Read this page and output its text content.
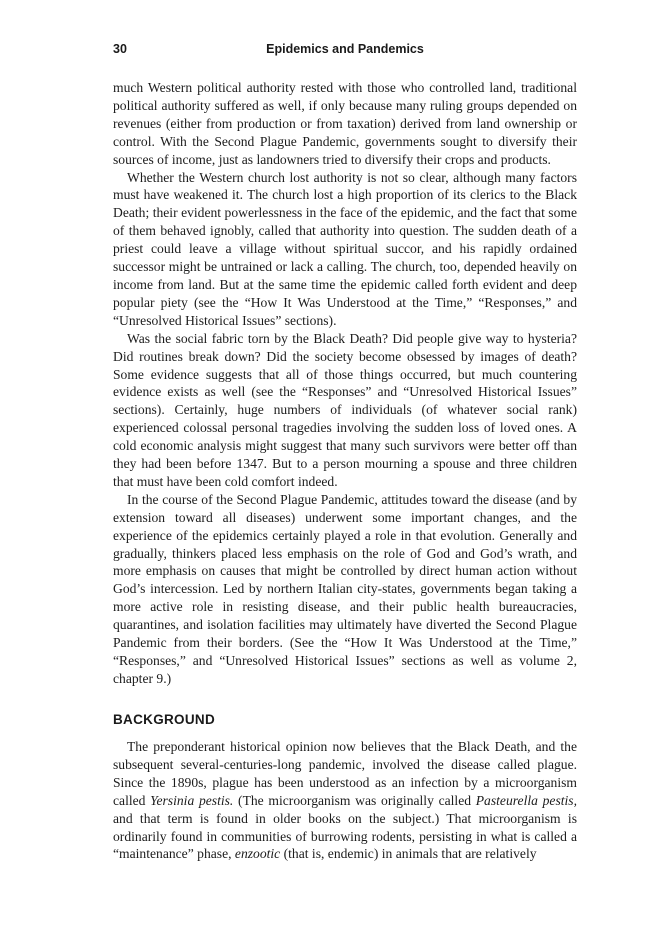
30	Epidemics and Pandemics

much Western political authority rested with those who controlled land, traditional political authority suffered as well, if only because many ruling groups depended on revenues (either from production or from taxation) derived from land ownership or control. With the Second Plague Pandemic, governments sought to diversify their sources of income, just as landowners tried to diversify their crops and products.

Whether the Western church lost authority is not so clear, although many factors must have weakened it. The church lost a high proportion of its clerics to the Black Death; their evident powerlessness in the face of the epidemic, and the fact that some of them behaved ignobly, called that authority into question. The sudden death of a priest could leave a village without spiritual succor, and his rapidly ordained successor might be untrained or lack a calling. The church, too, depended heavily on income from land. But at the same time the epidemic called forth evident and deep popular piety (see the “How It Was Understood at the Time,” “Responses,” and “Unresolved Historical Issues” sections).

Was the social fabric torn by the Black Death? Did people give way to hysteria? Did routines break down? Did the society become obsessed by images of death? Some evidence suggests that all of those things occurred, but much countering evidence exists as well (see the “Responses” and “Unresolved Historical Issues” sections). Certainly, huge numbers of individuals (of whatever social rank) experienced colossal personal tragedies involving the sudden loss of loved ones. A cold economic analysis might suggest that many such survivors were better off than they had been before 1347. But to a person mourning a spouse and three children that must have been cold comfort indeed.

In the course of the Second Plague Pandemic, attitudes toward the disease (and by extension toward all diseases) underwent some important changes, and the experience of the epidemics certainly played a role in that evolution. Generally and gradually, thinkers placed less emphasis on the role of God and God’s wrath, and more emphasis on causes that might be controlled by direct human action without God’s intercession. Led by northern Italian city-states, governments began taking a more active role in resisting disease, and their public health bureaucracies, quarantines, and isolation facilities may ultimately have diverted the Second Plague Pandemic from their borders. (See the “How It Was Understood at the Time,” “Responses,” and “Unresolved Historical Issues” sections as well as volume 2, chapter 9.)

BACKGROUND

The preponderant historical opinion now believes that the Black Death, and the subsequent several-centuries-long pandemic, involved the disease called plague. Since the 1890s, plague has been understood as an infection by a microorganism called Yersinia pestis. (The microorganism was originally called Pasteurella pestis, and that term is found in older books on the subject.) That microorganism is ordinarily found in communities of burrowing rodents, persisting in what is called a “maintenance” phase, enzootic (that is, endemic) in animals that are relatively
